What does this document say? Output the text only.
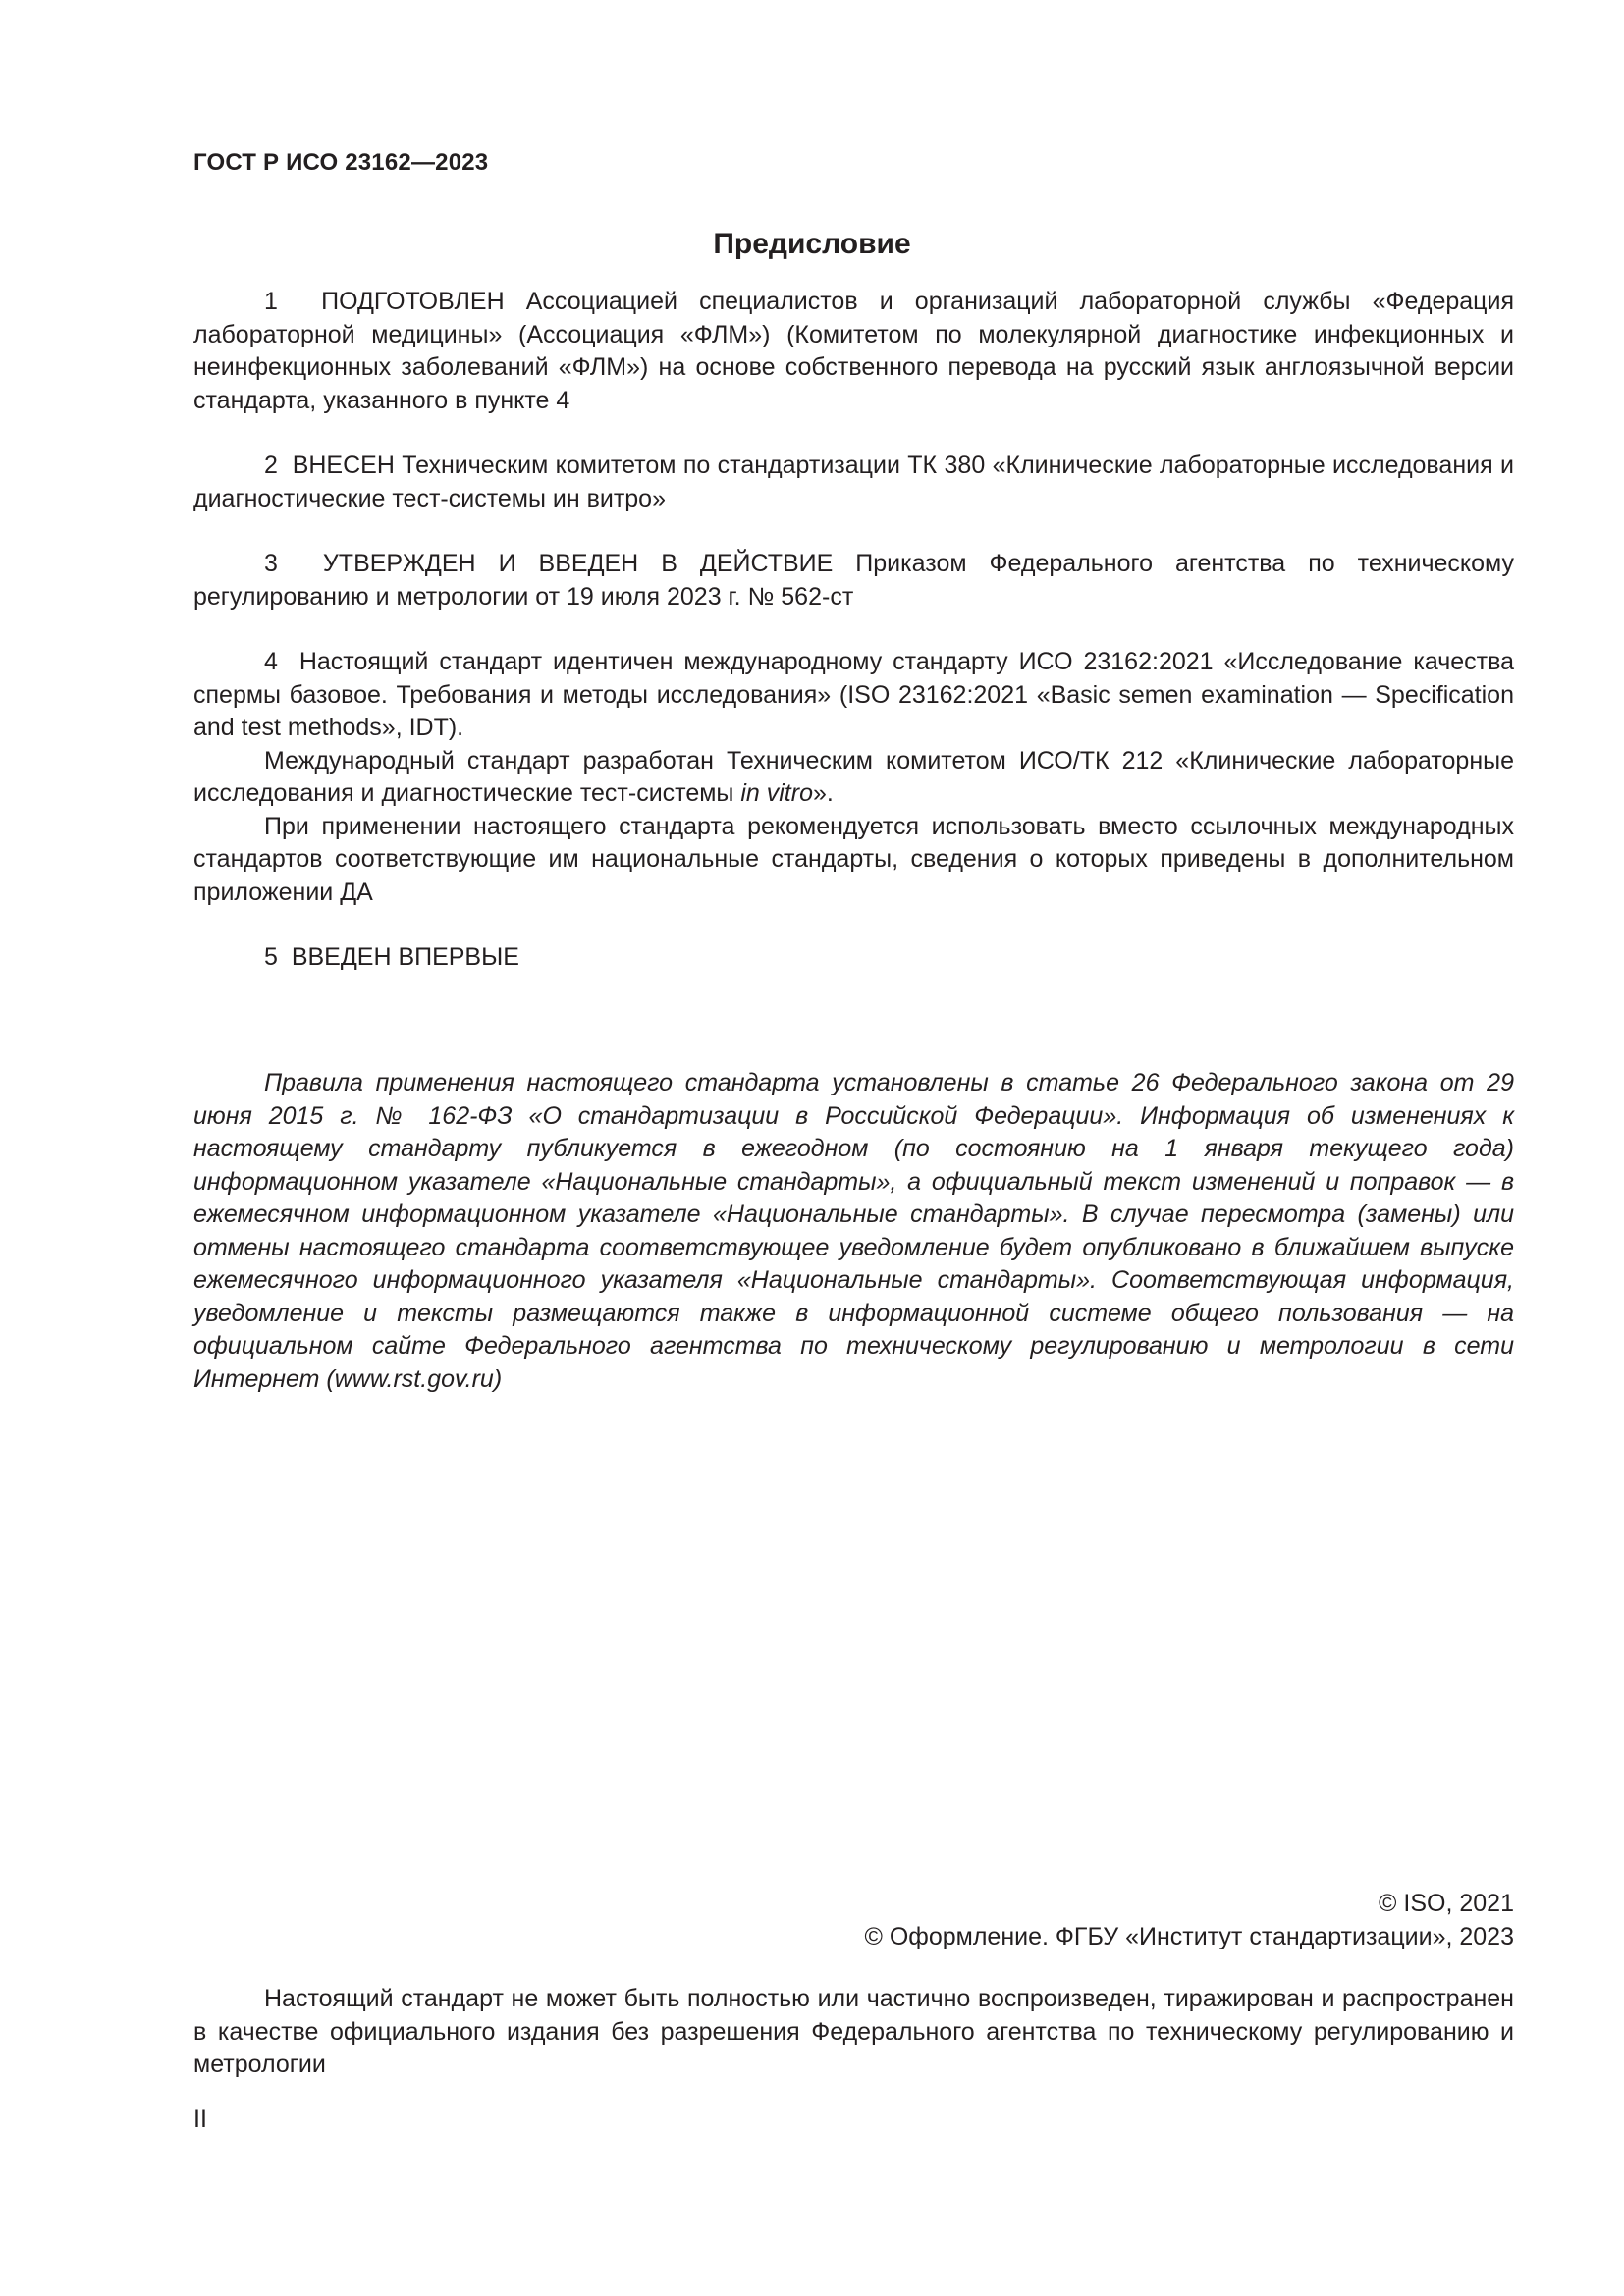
ГОСТ Р ИСО 23162—2023
Предисловие

1 ПОДГОТОВЛЕН Ассоциацией специалистов и организаций лабораторной службы «Федерация лабораторной медицины» (Ассоциация «ФЛМ») (Комитетом по молекулярной диагностике инфекционных и неинфекционных заболеваний «ФЛМ») на основе собственного перевода на русский язык англоязычной версии стандарта, указанного в пункте 4

2 ВНЕСЕН Техническим комитетом по стандартизации ТК 380 «Клинические лабораторные исследования и диагностические тест-системы ин витро»

3 УТВЕРЖДЕН И ВВЕДЕН В ДЕЙСТВИЕ Приказом Федерального агентства по техническому регулированию и метрологии от 19 июля 2023 г. № 562-ст

4 Настоящий стандарт идентичен международному стандарту ИСО 23162:2021 «Исследование качества спермы базовое. Требования и методы исследования» (ISO 23162:2021 «Basic semen examination — Specification and test methods», IDT).

Международный стандарт разработан Техническим комитетом ИСО/ТК 212 «Клинические лабораторные исследования и диагностические тест-системы in vitro».

При применении настоящего стандарта рекомендуется использовать вместо ссылочных международных стандартов соответствующие им национальные стандарты, сведения о которых приведены в дополнительном приложении ДА

5 ВВЕДЕН ВПЕРВЫЕ

Правила применения настоящего стандарта установлены в статье 26 Федерального закона от 29 июня 2015 г. № 162-ФЗ «О стандартизации в Российской Федерации». Информация об изменениях к настоящему стандарту публикуется в ежегодном (по состоянию на 1 января текущего года) информационном указателе «Национальные стандарты», а официальный текст изменений и поправок — в ежемесячном информационном указателе «Национальные стандарты». В случае пересмотра (замены) или отмены настоящего стандарта соответствующее уведомление будет опубликовано в ближайшем выпуске ежемесячного информационного указателя «Национальные стандарты». Соответствующая информация, уведомление и тексты размещаются также в информационной системе общего пользования — на официальном сайте Федерального агентства по техническому регулированию и метрологии в сети Интернет (www.rst.gov.ru)

© ISO, 2021
© Оформление. ФГБУ «Институт стандартизации», 2023

Настоящий стандарт не может быть полностью или частично воспроизведен, тиражирован и распространен в качестве официального издания без разрешения Федерального агентства по техническому регулированию и метрологии

II
